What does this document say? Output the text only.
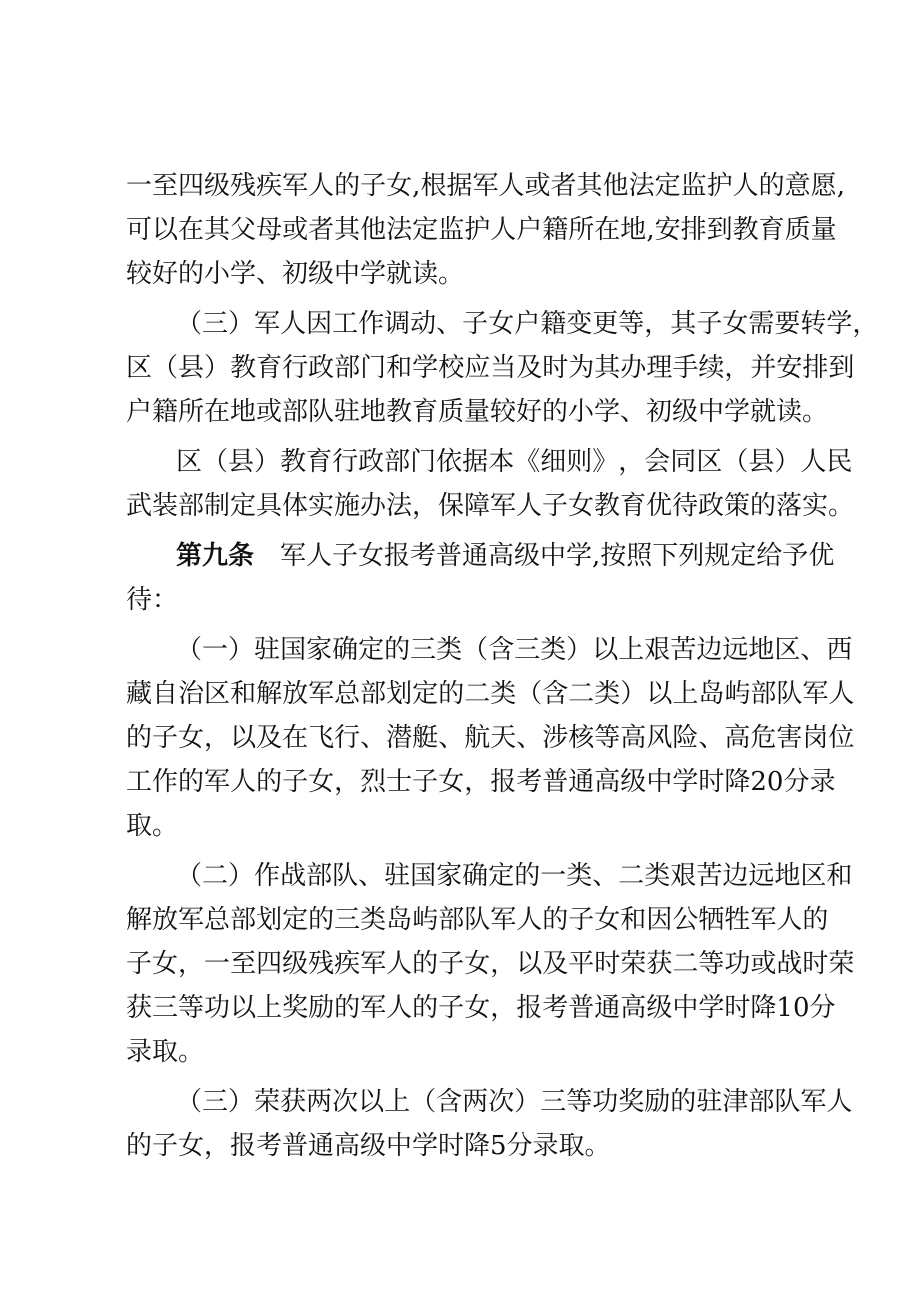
一 至 四 级 残 疾 军 人 的 子 女 , 根 据 军 人 或 者 其 他 法 定 监 护 人 的 意 愿 ,
可 以 在 其 父 母 或 者 其 他 法 定 监 护 人 户 籍 所 在 地 , 安 排 到 教 育 质 量
较好的小学、初级中学就读。
（ 三 ） 军 人 因 工 作 调 动 、 子 女 户 籍 变 更 等 ， 其 子 女 需 要 转 学 ，
区 （ 县 ） 教 育 行 政 部 门 和 学 校 应 当 及 时 为 其 办 理 手 续 ， 并 安 排 到
户籍所在地或部队驻地教育质量较好的小学、初级中学就读。
区 （ 县 ） 教 育 行 政 部 门 依 据 本 《 细 则 》 ， 会 同 区 （ 县 ） 人 民
武装部制定具体实施办法，保障军人子女教育优待政策的落实。
第九条 军人子女报考普通高级中学,按照下列规定给予优
待：
（ 一 ） 驻 国 家 确 定 的 三 类 （ 含 三 类 ） 以 上 艰 苦 边 远 地 区 、 西
藏 自 治 区 和 解 放 军 总 部 划 定 的 二 类 （ 含 二 类 ） 以 上 岛 屿 部 队 军 人
的 子 女 ， 以 及 在 飞 行 、 潜 艇 、 航 天 、 涉 核 等 高 风 险 、 高 危 害 岗 位
工 作 的 军 人 的 子 女 ， 烈 士 子 女 ， 报 考 普 通 高 级 中 学 时 降 2 0 分 录
取。
（ 二 ） 作 战 部 队 、 驻 国 家 确 定 的 一 类 、 二 类 艰 苦 边 远 地 区 和
解 放 军 总 部 划 定 的 三 类 岛 屿 部 队 军 人 的 子 女 和 因 公 牺 牲 军 人 的
子 女 ， 一 至 四 级 残 疾 军 人 的 子 女 ， 以 及 平 时 荣 获 二 等 功 或 战 时 荣
获 三 等 功 以 上 奖 励 的 军 人 的 子 女 ， 报 考 普 通 高 级 中 学 时 降 1 0 分
录取。
（ 三 ） 荣 获 两 次 以 上 （ 含 两 次 ） 三 等 功 奖 励 的 驻 津 部 队 军 人
的子女，报考普通高级中学时降5分录取。
